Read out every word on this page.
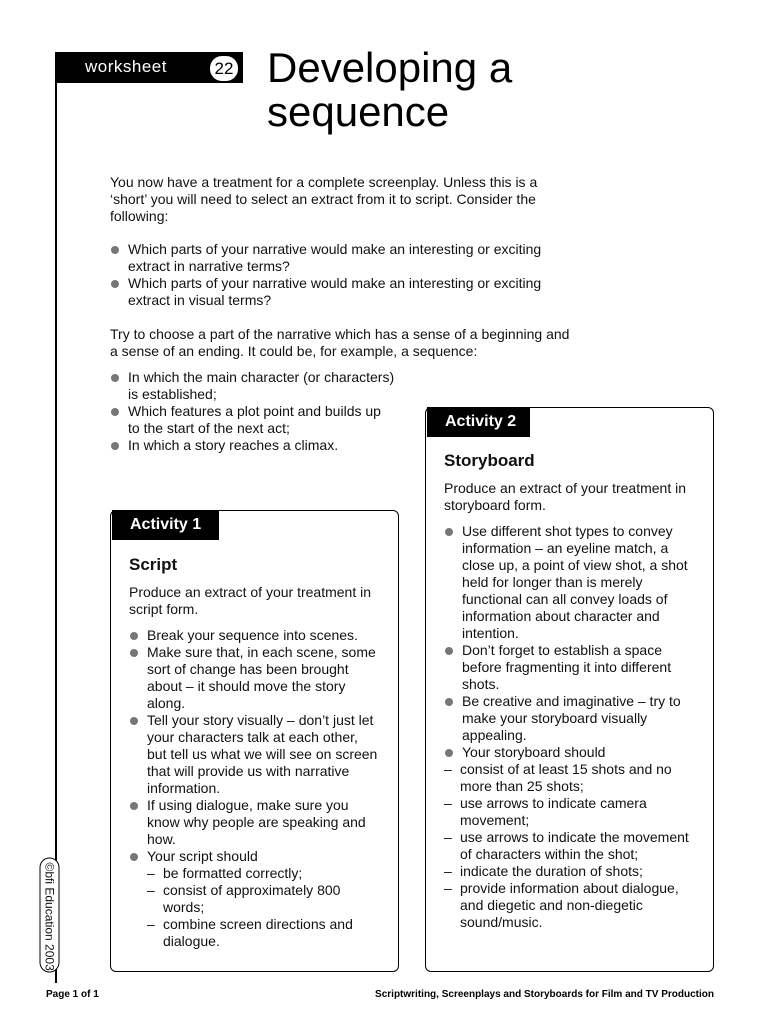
worksheet	22 Developing a
sequence

You now have a treatment for a complete screenplay. Unless this is a ‘short’ you will need to select an extract from it to script. Consider the following:

Which parts of your narrative would make an interesting or exciting extract in narrative terms?
Which parts of your narrative would make an interesting or exciting extract in visual terms?

Try to choose a part of the narrative which has a sense of a beginning and a sense of an ending. It could be, for example, a sequence:

In which the main character (or characters) is established;
Which features a plot point and builds up to the start of the next act;
In which a story reaches a climax.
Activity 2
Storyboard

Produce an extract of your treatment in storyboard form.

Use different shot types to convey information – an eyeline match, a close up, a point of view shot, a shot held for longer than is merely functional can all convey loads of information about character and intention.
Don’t forget to establish a space before fragmenting it into different shots.
Be creative and imaginative – try to make your storyboard visually appealing.
Your storyboard should
– consist of at least 15 shots and no more than 25 shots;
– use arrows to indicate camera movement;
– use arrows to indicate the movement of characters within the shot;
– indicate the duration of shots;
– provide information about dialogue, and diegetic and non-diegetic sound/music.
Activity 1
Script

Produce an extract of your treatment in script form.

Break your sequence into scenes.
Make sure that, in each scene, some sort of change has been brought about – it should move the story along.
Tell your story visually – don’t just let your characters talk at each other, but tell us what we will see on screen that will provide us with narrative information.
If using dialogue, make sure you know why people are speaking and how.
Your script should
– be formatted correctly;
– consist of approximately 800 words;
– combine screen directions and dialogue.
©bfi Education 2003
Page 1 of 1	Scriptwriting, Screenplays and Storyboards for Film and TV Production
